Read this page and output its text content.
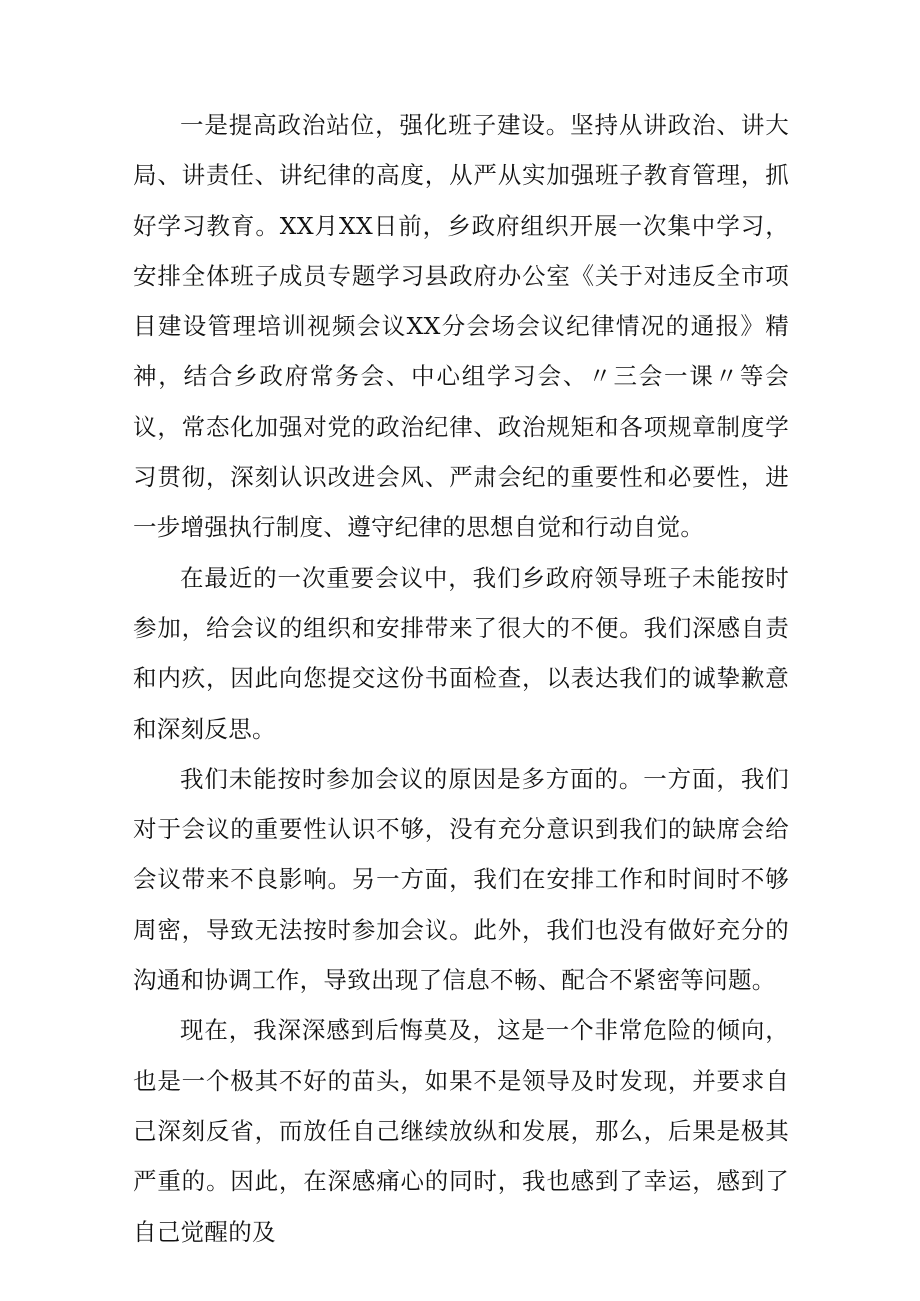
一是提高政治站位，强化班子建设。坚持从讲政治、讲大局、讲责任、讲纪律的高度，从严从实加强班子教育管理，抓好学习教育。XX月XX日前，乡政府组织开展一次集中学习，安排全体班子成员专题学习县政府办公室《关于对违反全市项目建设管理培训视频会议XX分会场会议纪律情况的通报》精神，结合乡政府常务会、中心组学习会、〃三会一课〃等会议，常态化加强对党的政治纪律、政治规矩和各项规章制度学习贯彻，深刻认识改进会风、严肃会纪的重要性和必要性，进一步增强执行制度、遵守纪律的思想自觉和行动自觉。

在最近的一次重要会议中，我们乡政府领导班子未能按时参加，给会议的组织和安排带来了很大的不便。我们深感自责和内疚，因此向您提交这份书面检查，以表达我们的诚挚歉意和深刻反思。

我们未能按时参加会议的原因是多方面的。一方面，我们对于会议的重要性认识不够，没有充分意识到我们的缺席会给会议带来不良影响。另一方面，我们在安排工作和时间时不够周密，导致无法按时参加会议。此外，我们也没有做好充分的沟通和协调工作，导致出现了信息不畅、配合不紧密等问题。

现在，我深深感到后悔莫及，这是一个非常危险的倾向，也是一个极其不好的苗头，如果不是领导及时发现，并要求自己深刻反省，而放任自己继续放纵和发展，那么，后果是极其严重的。因此，在深感痛心的同时，我也感到了幸运，感到了自己觉醒的及
